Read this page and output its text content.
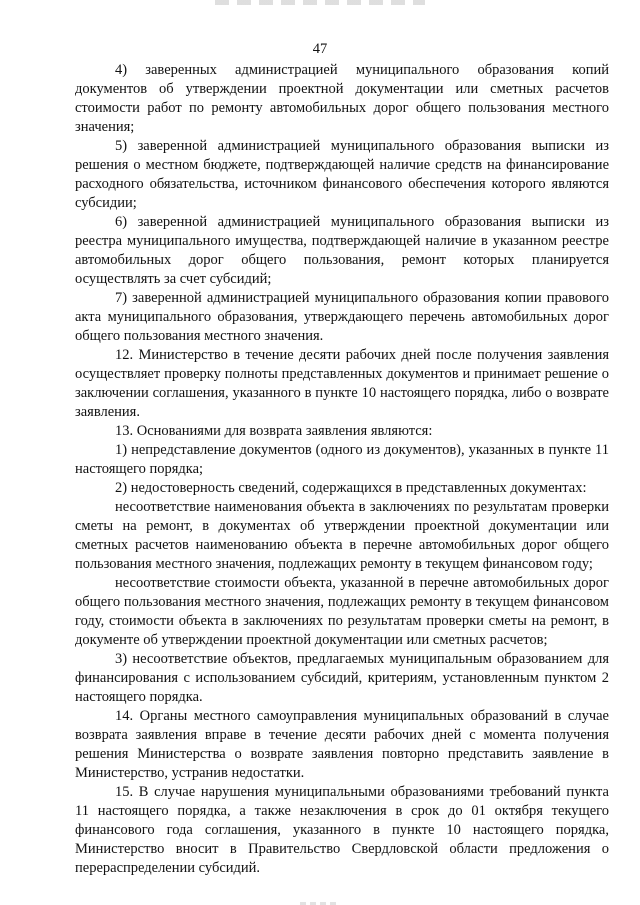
47

4) заверенных администрацией муниципального образования копий документов об утверждении проектной документации или сметных расчетов стоимости работ по ремонту автомобильных дорог общего пользования местного значения;

5) заверенной администрацией муниципального образования выписки из решения о местном бюджете, подтверждающей наличие средств на финансирование расходного обязательства, источником финансового обеспечения которого являются субсидии;

6) заверенной администрацией муниципального образования выписки из реестра муниципального имущества, подтверждающей наличие в указанном реестре автомобильных дорог общего пользования, ремонт которых планируется осуществлять за счет субсидий;

7) заверенной администрацией муниципального образования копии правового акта муниципального образования, утверждающего перечень автомобильных дорог общего пользования местного значения.

12. Министерство в течение десяти рабочих дней после получения заявления осуществляет проверку полноты представленных документов и принимает решение о заключении соглашения, указанного в пункте 10 настоящего порядка, либо о возврате заявления.

13. Основаниями для возврата заявления являются:

1) непредставление документов (одного из документов), указанных в пункте 11 настоящего порядка;

2) недостоверность сведений, содержащихся в представленных документах:

несоответствие наименования объекта в заключениях по результатам проверки сметы на ремонт, в документах об утверждении проектной документации или сметных расчетов наименованию объекта в перечне автомобильных дорог общего пользования местного значения, подлежащих ремонту в текущем финансовом году;

несоответствие стоимости объекта, указанной в перечне автомобильных дорог общего пользования местного значения, подлежащих ремонту в текущем финансовом году, стоимости объекта в заключениях по результатам проверки сметы на ремонт, в документе об утверждении проектной документации или сметных расчетов;

3) несоответствие объектов, предлагаемых муниципальным образованием для финансирования с использованием субсидий, критериям, установленным пунктом 2 настоящего порядка.

14. Органы местного самоуправления муниципальных образований в случае возврата заявления вправе в течение десяти рабочих дней с момента получения решения Министерства о возврате заявления повторно представить заявление в Министерство, устранив недостатки.

15. В случае нарушения муниципальными образованиями требований пункта 11 настоящего порядка, а также незаключения в срок до 01 октября текущего финансового года соглашения, указанного в пункте 10 настоящего порядка, Министерство вносит в Правительство Свердловской области предложения о перераспределении субсидий.
